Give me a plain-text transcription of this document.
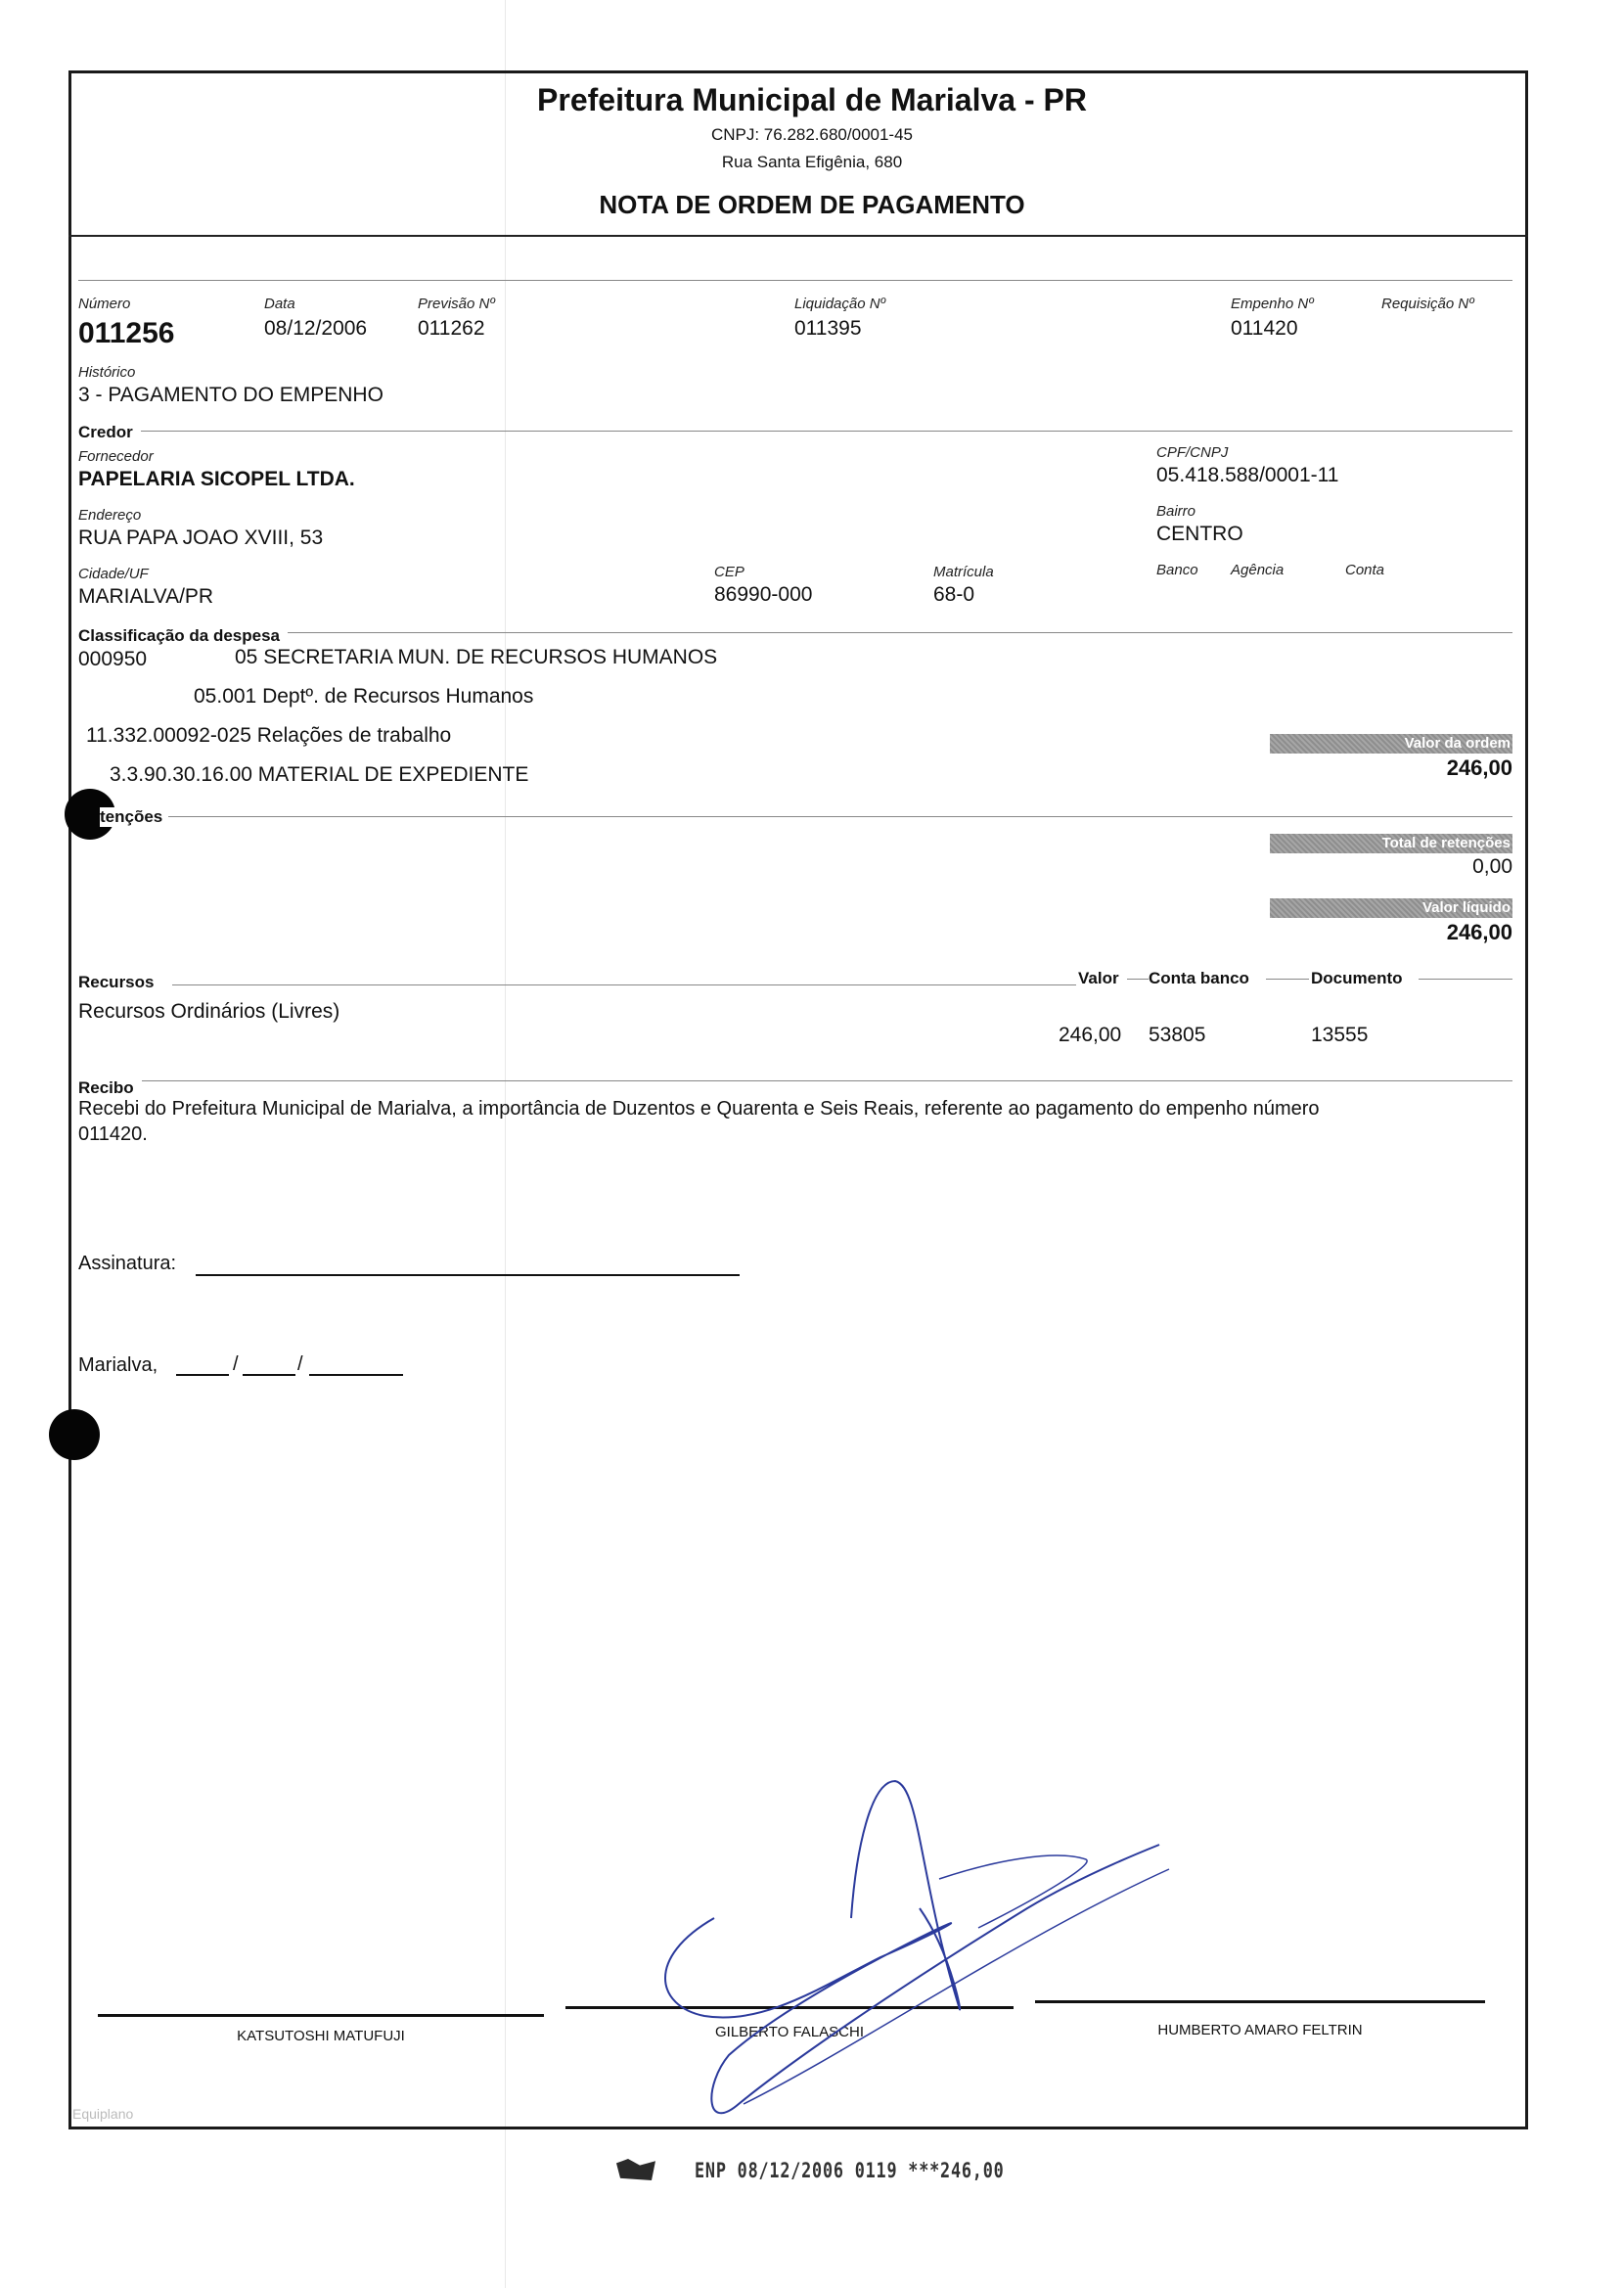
Prefeitura Municipal de Marialva - PR
CNPJ: 76.282.680/0001-45
Rua Santa Efigênia, 680
NOTA DE ORDEM DE PAGAMENTO
Número
011256
Data
08/12/2006
Previsão Nº
011262
Liquidação Nº
011395
Empenho Nº
011420
Requisição Nº
Histórico
3 - PAGAMENTO DO EMPENHO
Credor
Fornecedor
PAPELARIA SICOPEL LTDA.
CPF/CNPJ
05.418.588/0001-11
Endereço
RUA PAPA JOAO XVIII, 53
Bairro
CENTRO
Cidade/UF
MARIALVA/PR
CEP
86990-000
Matrícula
68-0
Banco Agência	Conta
Classificação da despesa
000950	05 SECRETARIA MUN. DE RECURSOS HUMANOS
05.001 Deptº. de Recursos Humanos
11.332.00092-025 Relações de trabalho
3.3.90.30.16.00 MATERIAL DE EXPEDIENTE
Valor da ordem
246,00
tenções
Total de retenções
0,00
Valor líquido
246,00
Recursos	Valor Conta banco	Documento
Recursos Ordinários (Livres)
246,00 53805	13555
Recibo
Recebi do Prefeitura Municipal de Marialva, a importância de Duzentos e Quarenta e Seis Reais, referente ao pagamento do empenho número
011420.
Assinatura:
Marialva,	/	/
KATSUTOSHI MATUFUJI	GILBERTO FALASCHI	HUMBERTO AMARO FELTRIN
Equiplano
ENP 08/12/2006 0119 ***246,00
